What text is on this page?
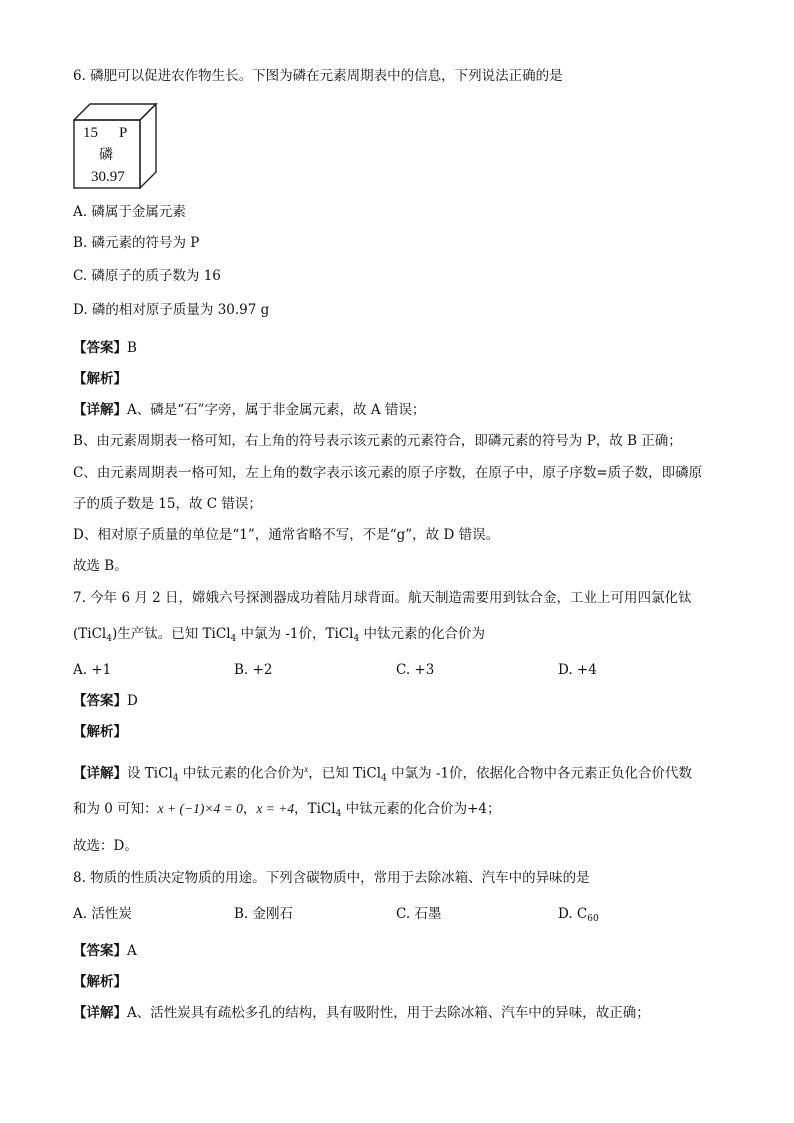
6. 磷肥可以促进农作物生长。下图为磷在元素周期表中的信息，下列说法正确的是
15 P
磷
30.97
A. 磷属于金属元素
B. 磷元素的符号为 P
C. 磷原子的质子数为 16
D. 磷的相对原子质量为 30.97 g
【答案】B
【解析】
【详解】A、磷是“石”字旁，属于非金属元素，故 A 错误；
B、由元素周期表一格可知，右上角的符号表示该元素的元素符合，即磷元素的符号为 P，故 B 正确；
C、由元素周期表一格可知，左上角的数字表示该元素的原子序数，在原子中，原子序数=质子数，即磷原
子的质子数是 15，故 C 错误；
D、相对原子质量的单位是“1”，通常省略不写，不是“g”，故 D 错误。
故选 B。
7. 今年 6 月 2 日，嫦娥六号探测器成功着陆月球背面。航天制造需要用到钛合金，工业上可用四氯化钛
(TiCl$_4$)生产钛。已知 TiCl$_4$ 中氯为 -1价，TiCl$_4$ 中钛元素的化合价为
A. +1	B. +2	C. +3	D. +4
【答案】D
【解析】
【详解】设 TiCl$_4$ 中钛元素的化合价为$^x$，已知 TiCl$_4$ 中氯为 -1价，依据化合物中各元素正负化合价代数
和为 0 可知：x + (−1)×4 = 0，x = +4，TiCl$_4$ 中钛元素的化合价为+4；
故选：D。
8. 物质的性质决定物质的用途。下列含碳物质中，常用于去除冰箱、汽车中的异味的是
A. 活性炭	B. 金刚石	C. 石墨	D. $C_{60}$
【答案】A
【解析】
【详解】A、活性炭具有疏松多孔的结构，具有吸附性，用于去除冰箱、汽车中的异味，故正确；
